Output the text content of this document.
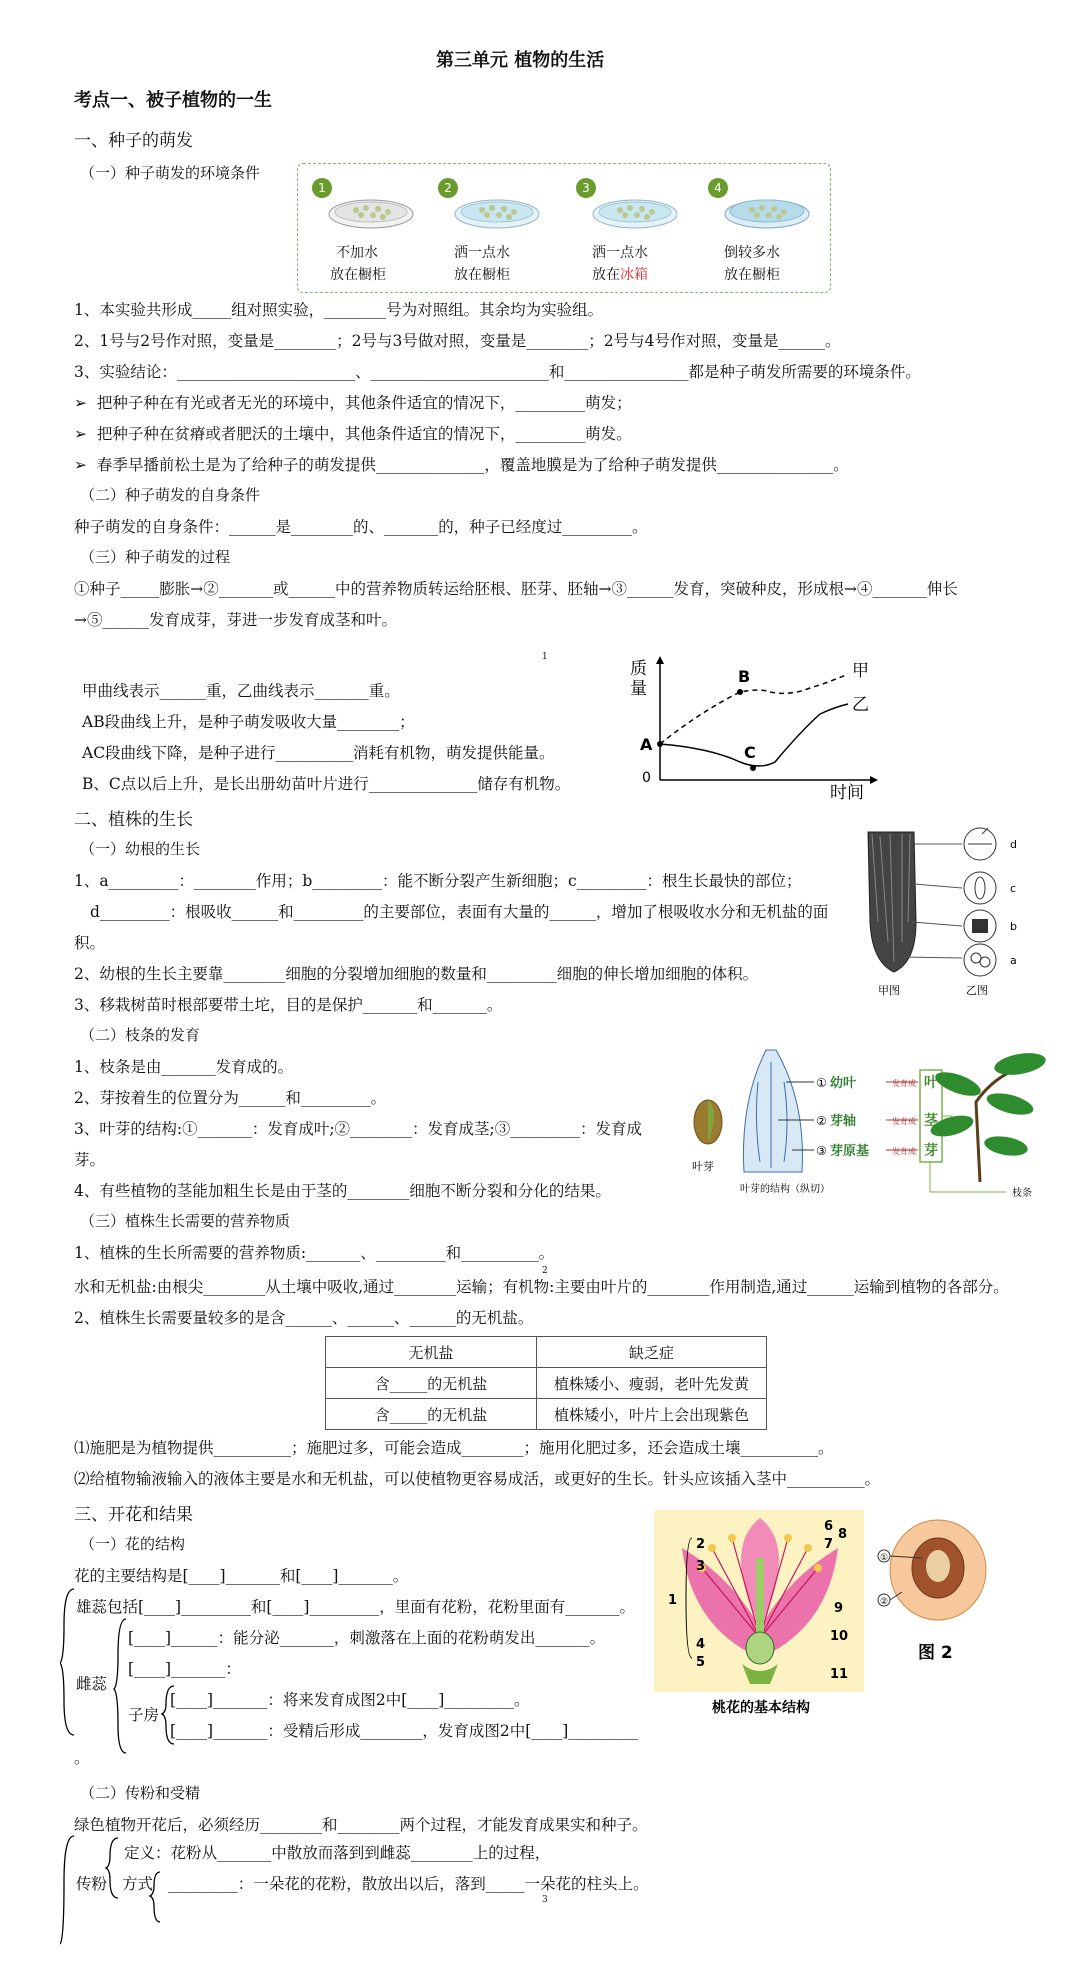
第三单元 植物的生活
考点一、被子植物的一生
一、种子的萌发
（一）种子萌发的环境条件
1
不加水
放在橱柜
2
洒一点水
放在橱柜
3
洒一点水
放在冰箱
4
倒较多水
放在橱柜
1、本实验共形成_____组对照实验，________号为对照组。其余均为实验组。
2、1号与2号作对照，变量是________；2号与3号做对照，变量是________；2号与4号作对照，变量是______。
3、实验结论：_______________________、_______________________和________________都是种子萌发所需要的环境条件。
➢  把种子种在有光或者无光的环境中，其他条件适宜的情况下，_________萌发；
➢  把种子种在贫瘠或者肥沃的土壤中，其他条件适宜的情况下，_________萌发。
➢  春季早播前松土是为了给种子的萌发提供______________，覆盖地膜是为了给种子萌发提供_______________。
（二）种子萌发的自身条件
种子萌发的自身条件：______是________的、_______的，种子已经度过_________。
（三）种子萌发的过程
①种子_____膨胀→②_______或______中的营养物质转运给胚根、胚芽、胚轴→③______发育，突破种皮，形成根→④_______伸长
→⑤______发育成芽，芽进一步发育成茎和叶。
1
甲曲线表示______重，乙曲线表示_______重。
AB段曲线上升，是种子萌发吸收大量________；
AC段曲线下降，是种子进行__________消耗有机物，萌发提供能量。
B、C点以后上升，是长出册幼苗叶片进行______________储存有机物。
质
量
时间
0
A
B
C
甲
乙
二、植株的生长
（一）幼根的生长
1、a_________：________作用；b_________：能不断分裂产生新细胞；c_________：根生长最快的部位；
d_________：根吸收______和_________的主要部位，表面有大量的______，增加了根吸收水分和无机盐的面
积。
2、幼根的生长主要靠________细胞的分裂增加细胞的数量和_________细胞的伸长增加细胞的体积。
3、移栽树苗时根部要带土坨，目的是保护_______和_______。
d
c
b
a
甲图	乙图
（二）枝条的发育
1、枝条是由_______发育成的。
2、芽按着生的位置分为______和_________。
3、叶芽的结构:①_______：发育成叶;②________：发育成茎;③_________：发育成
芽。
4、有些植物的茎能加粗生长是由于茎的________细胞不断分裂和分化的结果。
叶芽
①
②
③
幼叶
芽轴
芽原基
发育成
发育成
发育成
叶
茎
芽
叶芽的结构（纵切）	枝条
（三）植株生长需要的营养物质
1、植株的生长所需要的营养物质:_______、_________和__________。
2
水和无机盐:由根尖________从土壤中吸收,通过________运输；有机物:主要由叶片的________作用制造,通过______运输到植物的各部分。
2、植株生长需要量较多的是含______、______、______的无机盐。
无机盐	缺乏症
含_____的无机盐	植株矮小、瘦弱，老叶先发黄
含_____的无机盐	植株矮小，叶片上会出现紫色
⑴施肥是为植物提供__________；施肥过多，可能会造成________；施用化肥过多，还会造成土壤__________。
⑵给植物输液输入的液体主要是水和无机盐，可以使植物更容易成活，或更好的生长。针头应该插入茎中__________。
三、开花和结果
（一）花的结构
花的主要结构是[____]_______和[____]_______。
雄蕊包括[____]_________和[____]_________，里面有花粉，花粉里面有_______。
[____]______：能分泌_______，刺激落在上面的花粉萌发出_______。
[____]_______：
雌蕊
[____]_______：将来发育成图2中[____]_________。
子房
[____]_______：受精后形成________，发育成图2中[____]_________
。
1
2
3
4
5
6
7
8
9
10
11
桃花的基本结构
①
②
图 2
（二）传粉和受精
绿色植物开花后，必须经历________和________两个过程，才能发育成果实和种子。
定义：花粉从_______中散放而落到到雌蕊________上的过程，
传粉 方式 _________：一朵花的花粉，散放出以后，落到_____一朵花的柱头上。
3
